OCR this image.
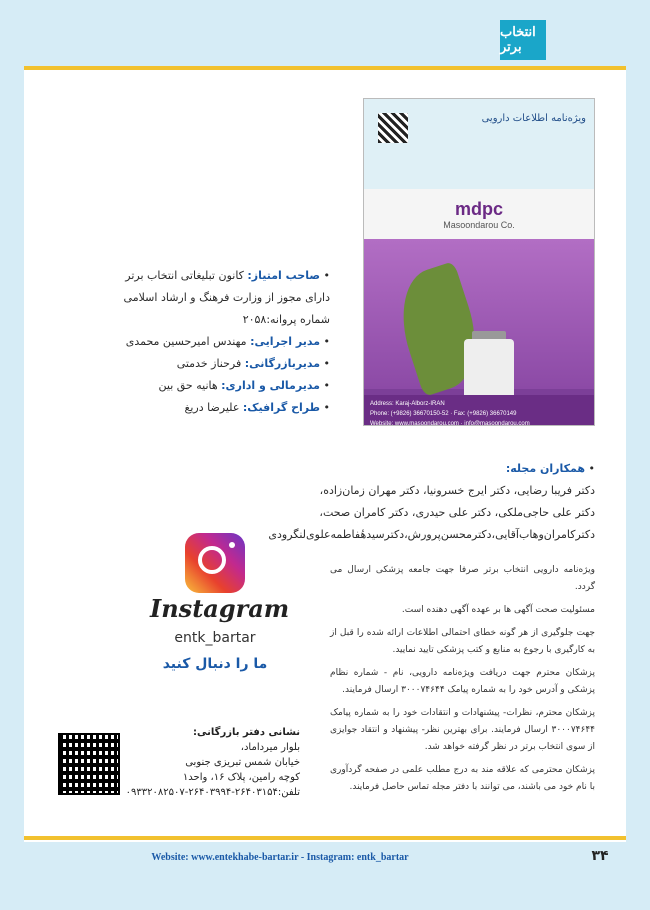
انتخاب برتر
ویژه‌نامه اطلاعات دارویی
mdpc
Masoondarou Co.
Address: Karaj-Alborz-IRAN
Phone: (+9826) 36670150-52 · Fax: (+9826) 36670149
Website: www.masoondarou.com · info@masoondarou.com
• صاحب امتیاز: کانون تبلیغاتی انتخاب برتر دارای مجوز از وزارت فرهنگ و ارشاد اسلامی شماره پروانه:۲۰۵۸
• مدیر اجرایی: مهندس امیرحسین محمدی
• مدیربازرگانی: فرحناز خدمتی
• مدیرمالی و اداری: هانیه حق بین
• طراح گرافیک: علیرضا دریغ
• همکاران مجله:
دکتر فریبا رضایی، دکتر ایرج خسرونیا، دکتر مهران زمان‌زاده،
دکتر علی حاجی‌ملکی، دکتر علی حیدری، دکتر کامران صحت،
دکترکامران‌وهاب‌آقایی،دکترمحسن‌پرورش،دکترسیدهٔفاطمه‌علوی‌لنگرودی

ویژه‌نامه دارویی انتخاب برتر صرفا جهت جامعه پزشکی ارسال می گردد.

مسئولیت صحت آگهی ها بر عهده آگهی دهنده است.

جهت جلوگیری از هر گونه خطای احتمالی اطلاعات ارائه شده را قبل از به کارگیری با رجوع به منابع و کتب پزشکی تایید نمایید.

پزشکان محترم جهت دریافت ویژه‌نامه دارویی، نام - شماره نظام پزشکی و آدرس خود را به شماره پیامک ۳۰۰۰۷۴۶۴۴ ارسال فرمایند.

پزشکان محترم، نظرات- پیشنهادات و انتقادات خود را به شماره پیامک ۳۰۰۰۷۴۶۴۴ ارسال فرمایند. برای بهترین نظر- پیشنهاد و انتقاد جوایزی از سوی انتخاب برتر در نظر گرفته خواهد شد.

پزشکان محترمی که علاقه مند به درج مطلب علمی در صفحه گردآوری با نام خود می باشند، می توانند با دفتر مجله تماس حاصل فرمایند.

Instagram
entk_bartar
ما را دنبال کنید
نشانی دفتر بازرگانی:
بلوار میرداماد،
خیابان شمس تبریزی جنوبی
کوچه رامین، پلاک ۱۶، واحد۱
تلفن:۲۶۴۰۳۱۵۴-۲۶۴۰۳۹۹۴-۰۹۳۳۲۰۸۲۵۰۷
Website: www.entekhabe-bartar.ir - Instagram: entk_bartar	۳۴
